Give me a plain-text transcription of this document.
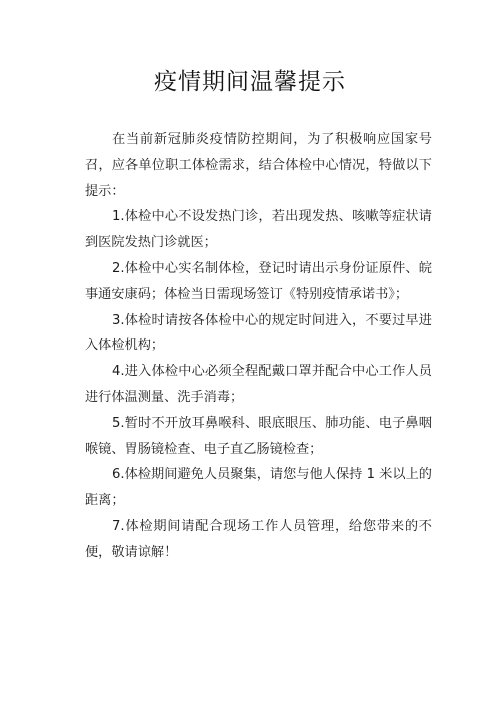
疫情期间温馨提示

在当前新冠肺炎疫情防控期间，为了积极响应国家号召，应各单位职工体检需求，结合体检中心情况，特做以下提示：

1.体检中心不设发热门诊，若出现发热、咳嗽等症状请到医院发热门诊就医；

2.体检中心实名制体检，登记时请出示身份证原件、皖事通安康码；体检当日需现场签订《特别疫情承诺书》；

3.体检时请按各体检中心的规定时间进入，不要过早进入体检机构；

4.进入体检中心必须全程配戴口罩并配合中心工作人员进行体温测量、洗手消毒；

5.暂时不开放耳鼻喉科、眼底眼压、肺功能、电子鼻咽喉镜、胃肠镜检查、电子直乙肠镜检查；

6.体检期间避免人员聚集，请您与他人保持 1 米以上的距离；

7.体检期间请配合现场工作人员管理，给您带来的不便，敬请谅解！
